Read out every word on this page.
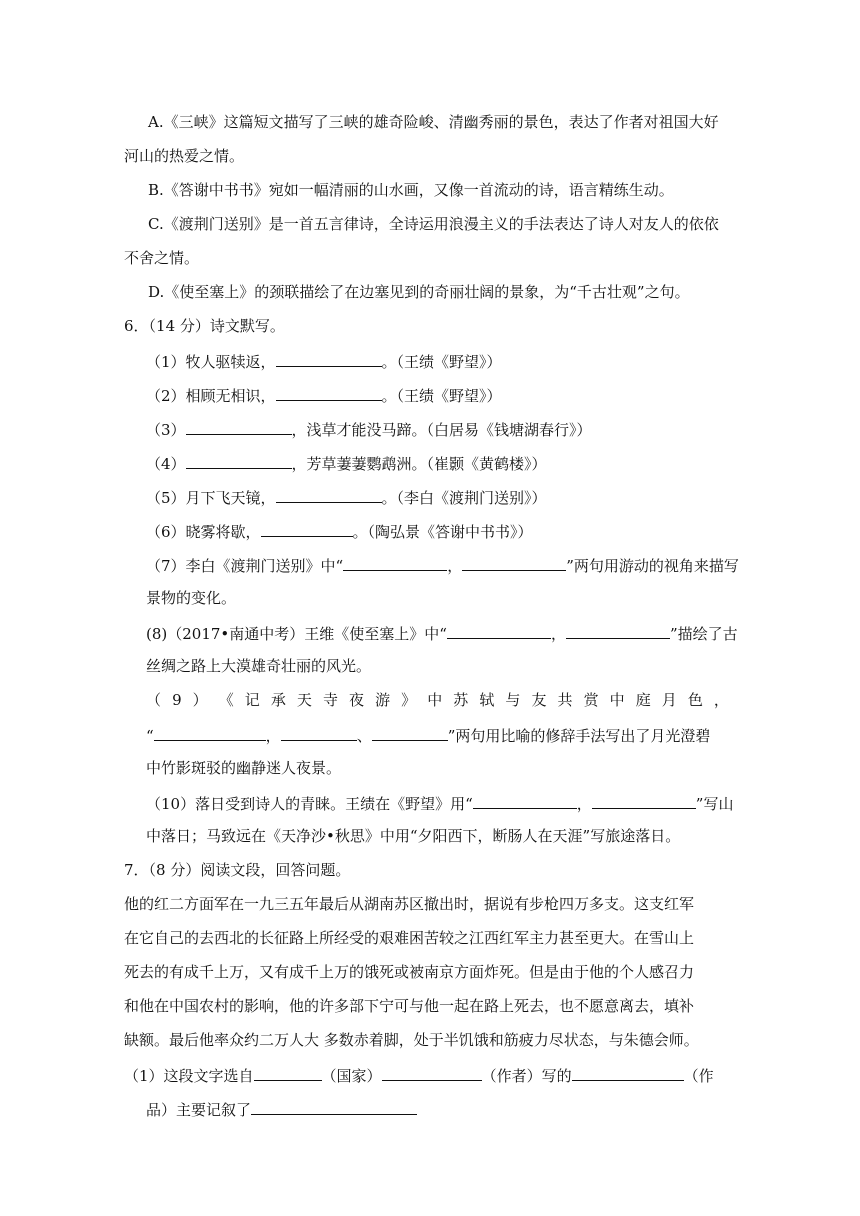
A.《三峡》这篇短文描写了三峡的雄奇险峻、清幽秀丽的景色，表达了作者对祖国大好
河山的热爱之情。
B.《答谢中书书》宛如一幅清丽的山水画，又像一首流动的诗，语言精练生动。
C.《渡荆门送别》是一首五言律诗，全诗运用浪漫主义的手法表达了诗人对友人的依依
不舍之情。
D.《使至塞上》的颈联描绘了在边塞见到的奇丽壮阔的景象，为“千古壮观”之句。
6．（14 分）诗文默写。
（1）牧人驱犊返，	。（王绩《野望》）
（2）相顾无相识，	。（王绩《野望》）
（3）	，浅草才能没马蹄。（白居易《钱塘湖春行》）
（4）	，芳草萋萋鹦鹉洲。（崔颢《黄鹤楼》）
（5）月下飞天镜，	。（李白《渡荆门送别》）
（6）晓雾将歇，	。（陶弘景《答谢中书书》）
（7）李白《渡荆门送别》中“	，	”两句用游动的视角来描写
景物的变化。
(8)（2017•南通中考）王维《使至塞上》中“	，	”描绘了古
丝绸之路上大漠雄奇壮丽的风光。
（ 9 ） 《 记 承 天 寺 夜 游 》 中 苏 轼 与 友 共 赏 中 庭 月 色 ，
“	，	、	”两句用比喻的修辞手法写出了月光澄碧
中竹影斑驳的幽静迷人夜景。
（10）落日受到诗人的青睐。王绩在《野望》用“	，	”写山
中落日；马致远在《天净沙•秋思》中用“夕阳西下，断肠人在天涯”写旅途落日。
7．（8 分）阅读文段，回答问题。
他的红二方面军在一九三五年最后从湖南苏区撤出时，据说有步枪四万多支。这支红军
在它自己的去西北的长征路上所经受的艰难困苦较之江西红军主力甚至更大。在雪山上
死去的有成千上万，又有成千上万的饿死或被南京方面炸死。但是由于他的个人感召力
和他在中国农村的影响，他的许多部下宁可与他一起在路上死去，也不愿意离去，填补
缺额。最后他率众约二万人大 多数赤着脚，处于半饥饿和筋疲力尽状态，与朱德会师。
（1）这段文字选自	（国家）	（作者）写的	（作
品）主要记叙了
